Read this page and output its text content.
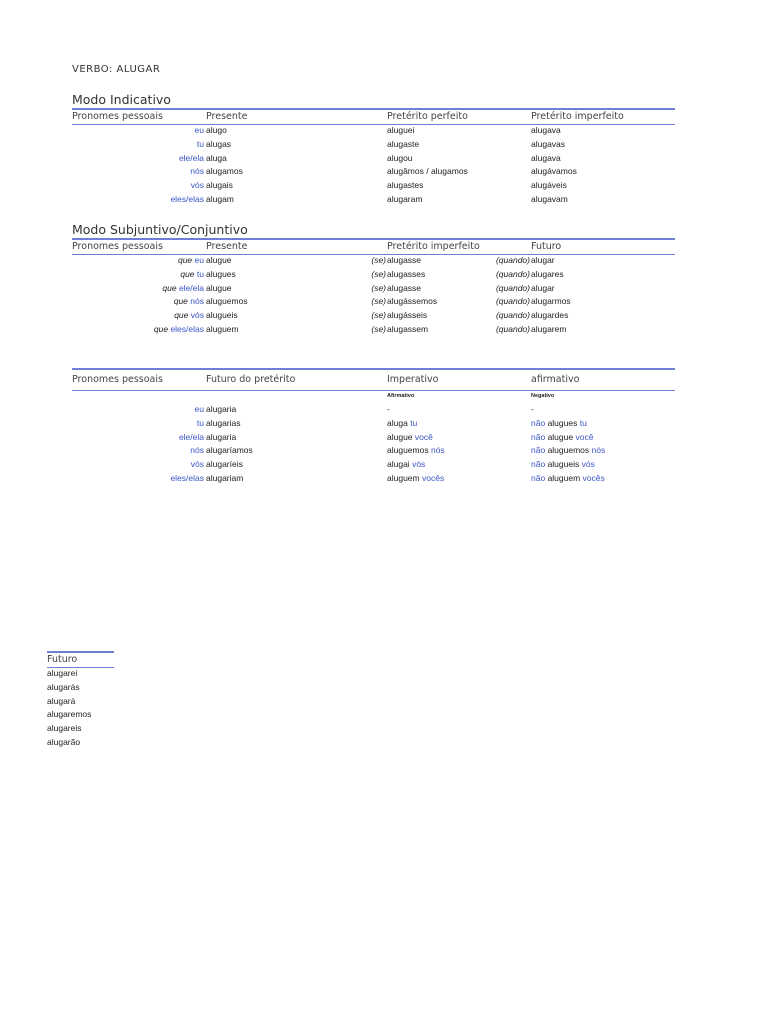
VERBO: ALUGAR
Modo Indicativo
Pronomes pessoais	Presente	Pretérito perfeito	Pretérito imperfeito
eu alugo	aluguei	alugava
tu alugas	alugaste	alugavas
ele/ela aluga	alugou	alugava
nós alugamos	alugâmos / alugamos	alugávamos
vós alugais	alugastes	alugáveis
eles/elas alugam	alugaram	alugavam
Modo Subjuntivo/Conjuntivo
Pronomes pessoais	Presente	Pretérito imperfeito	Futuro
que eu alugue	(se) alugasse	(quando) alugar
que tu alugues	(se) alugasses	(quando) alugares
que ele/ela alugue	(se) alugasse	(quando) alugar
que nós aluguemos	(se) alugássemos	(quando) alugarmos
que vós alugueis	(se) alugásseis	(quando) alugardes
que eles/elas aluguem	(se) alugassem	(quando) alugarem
Pronomes pessoais	Futuro do pretérito	Imperativo	afirmativo
Afirmativo	Negativo
eu alugaria	-	-
tu alugarias	aluga tu	não alugues tu
ele/ela alugaria	alugue você	não alugue você
nós alugaríamos	aluguemos nós	não aluguemos nós
vós alugaríeis	alugai vós	não alugueis vós
eles/elas alugariam	aluguem vocês	não aluguem vocês
Futuro
alugarei
alugarás
alugará
alugaremos
alugareis
alugarão
